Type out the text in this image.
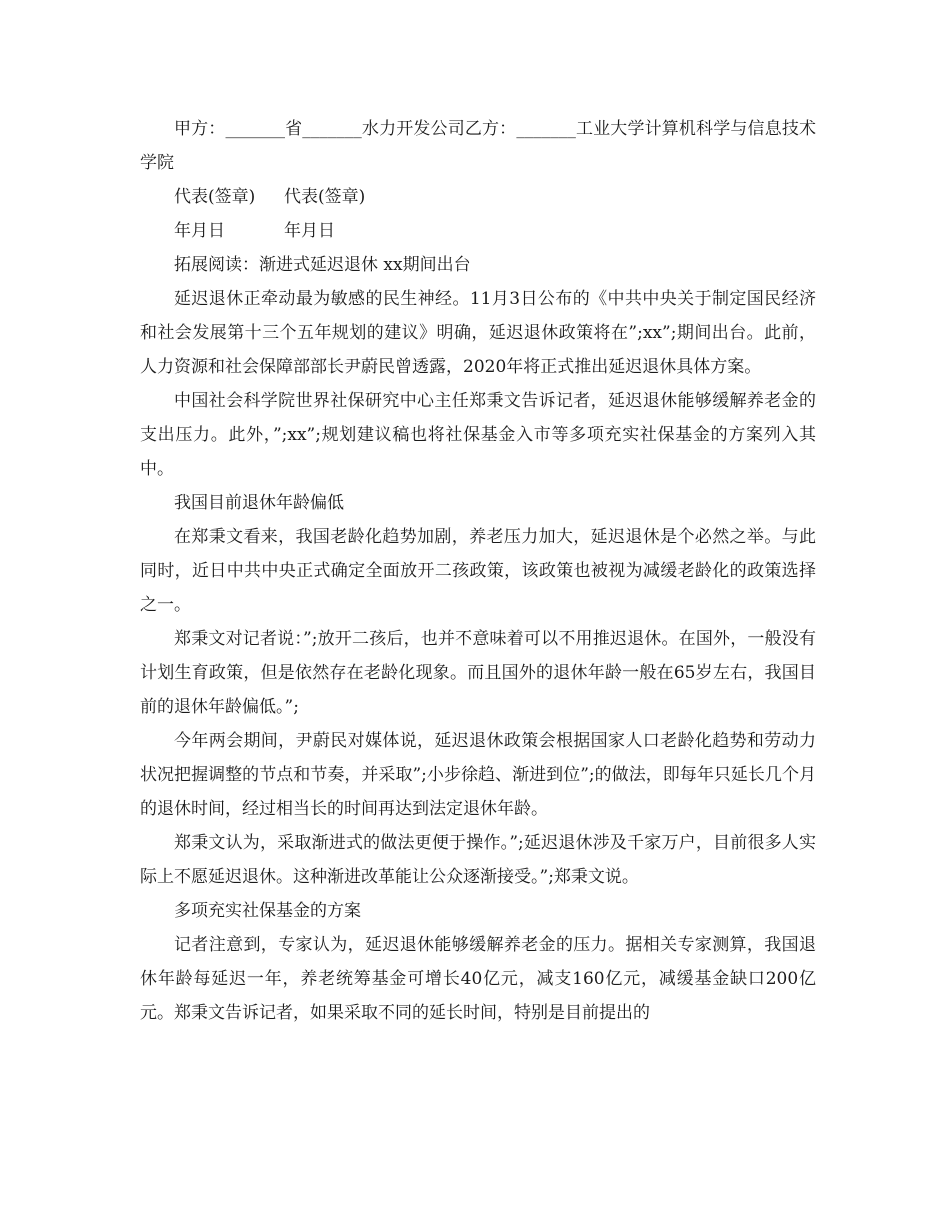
甲方：_______省_______水力开发公司乙方：_______工业大学计算机科学与信息技术学院

代表(签章)	代表(签章)
年月日	年月日

拓展阅读：渐进式延迟退休 xx期间出台

延迟退休正牵动最为敏感的民生神经。11月3日公布的《中共中央关于制定国民经济和社会发展第十三个五年规划的建议》明确，延迟退休政策将在”;xx”;期间出台。此前，人力资源和社会保障部部长尹蔚民曾透露，2020年将正式推出延迟退休具体方案。

中国社会科学院世界社保研究中心主任郑秉文告诉记者，延迟退休能够缓解养老金的支出压力。此外，”;xx”;规划建议稿也将社保基金入市等多项充实社保基金的方案列入其中。

我国目前退休年龄偏低

在郑秉文看来，我国老龄化趋势加剧，养老压力加大，延迟退休是个必然之举。与此同时，近日中共中央正式确定全面放开二孩政策，该政策也被视为减缓老龄化的政策选择之一。

郑秉文对记者说：”;放开二孩后，也并不意味着可以不用推迟退休。在国外，一般没有计划生育政策，但是依然存在老龄化现象。而且国外的退休年龄一般在65岁左右，我国目前的退休年龄偏低。”;

今年两会期间，尹蔚民对媒体说，延迟退休政策会根据国家人口老龄化趋势和劳动力状况把握调整的节点和节奏，并采取”;小步徐趋、渐进到位”;的做法，即每年只延长几个月的退休时间，经过相当长的时间再达到法定退休年龄。

郑秉文认为，采取渐进式的做法更便于操作。”;延迟退休涉及千家万户，目前很多人实际上不愿延迟退休。这种渐进改革能让公众逐渐接受。”;郑秉文说。

多项充实社保基金的方案

记者注意到，专家认为，延迟退休能够缓解养老金的压力。据相关专家测算，我国退休年龄每延迟一年，养老统筹基金可增长40亿元，减支160亿元，减缓基金缺口200亿元。郑秉文告诉记者，如果采取不同的延长时间，特别是目前提出的
